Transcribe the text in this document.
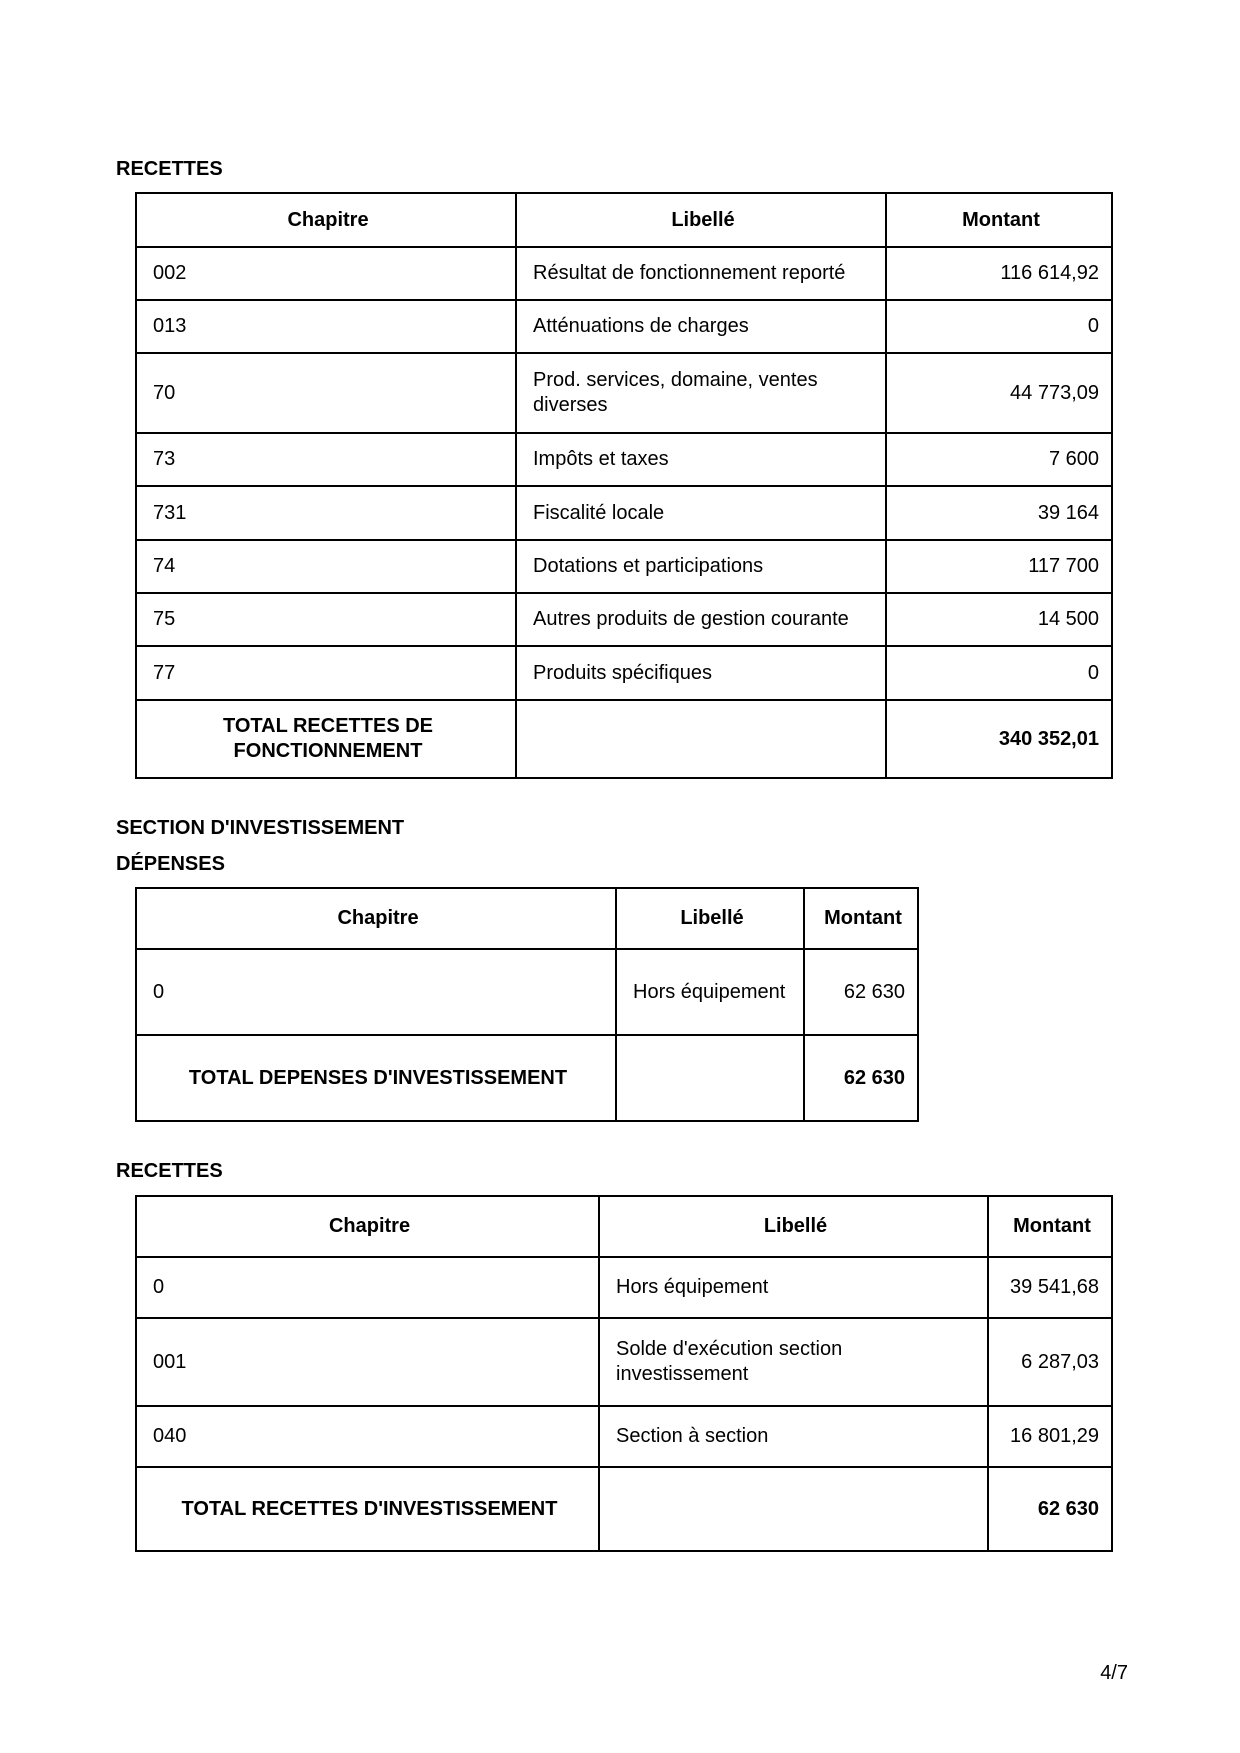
RECETTES
Chapitre	Libellé	Montant
002	Résultat de fonctionnement reporté	116 614,92
013	Atténuations de charges	0
70	Prod. services, domaine, ventes diverses	44 773,09
73	Impôts et taxes	7 600
731	Fiscalité locale	39 164
74	Dotations et participations	117 700
75	Autres produits de gestion courante	14 500
77	Produits spécifiques	0
TOTAL RECETTES DE FONCTIONNEMENT		340 352,01
SECTION D'INVESTISSEMENT
DÉPENSES
Chapitre	Libellé	Montant
0	Hors équipement	62 630
TOTAL DEPENSES D'INVESTISSEMENT		62 630
RECETTES
Chapitre	Libellé	Montant
0	Hors équipement	39 541,68
001	Solde d'exécution section investissement	6 287,03
040	Section à section	16 801,29
TOTAL RECETTES D'INVESTISSEMENT		62 630
4/7
